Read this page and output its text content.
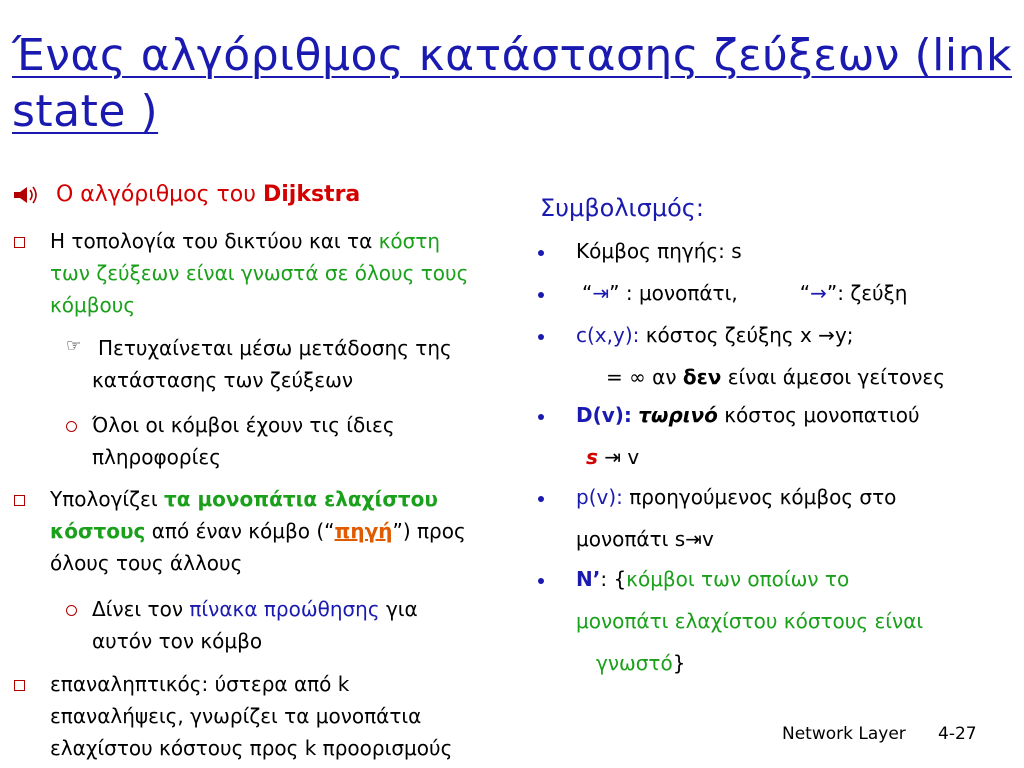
Ένας αλγόριθμος κατάστασης ζεύξεων (link state )
Ο αλγόριθμος του Dijkstra
Η τοπολογία του δικτύου και τα κόστη
των ζεύξεων είναι γνωστά σε όλους τους
κόμβους
☞ Πετυχαίνεται μέσω μετάδοσης της
κατάστασης των ζεύξεων
Όλοι οι κόμβοι έχουν τις ίδιες
πληροφορίες
Υπολογίζει τα μονοπάτια ελαχίστου
κόστους από έναν κόμβο (“πηγή”) προς
όλους τους άλλους
Δίνει τον πίνακα προώθησης για
αυτόν τον κόμβο
επαναληπτικός: ύστερα από k
επαναλήψεις, γνωρίζει τα μονοπάτια
ελαχίστου κόστους προς k προορισμούς
Συμβολισμός:
Κόμβος πηγής: s
“⇥” : μονοπάτι,	“→”: ζεύξη
c(x,y): κόστος ζεύξης x →y;
= ∞ αν δεν είναι άμεσοι γείτονες
D(v): τωρινό κόστος μονοπατιού
s ⇥ v
p(v): προηγούμενος κόμβος στο
μονοπάτι s⇥v
N’: {κόμβοι των οποίων το
μονοπάτι ελαχίστου κόστους είναι
γνωστό}
Network Layer 4-27
